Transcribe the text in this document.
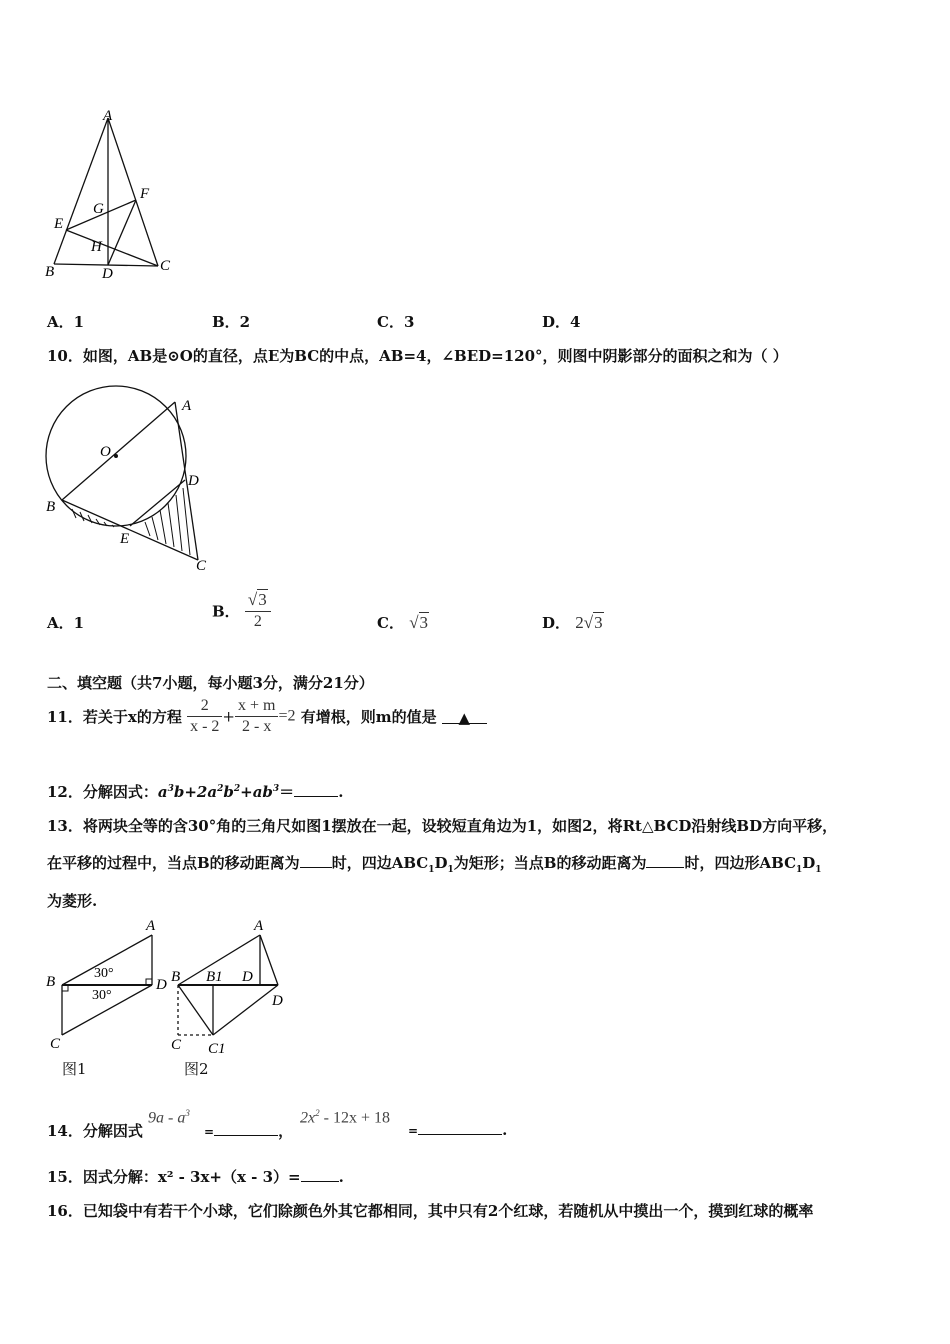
A
B	C
D
E
F
G
H
A．1	B．2	C．3	D．4
10．如图，AB是⊙O的直径，点E为BC的中点，AB=4，∠BED=120°，则图中阴影部分的面积之和为（ ）
A
O
D
B
E
C
A．1
B． $\frac{√3}{2}$	C． √3	D． 2√3
二、填空题（共7小题，每小题3分，满分21分）
11．若关于x的方程 $\frac{2}{x - 2} + \frac{x + m}{2 - x} =2$ 有增根，则m的值是 ▲
12．分解因式：$a^3b+2a^2b^2+ab^3=$	.
13．将两块全等的含30°角的三角尺如图1摆放在一起，设较短直角边为1，如图2，将Rt△BCD沿射线BD方向平移，
在平移的过程中，当点B的移动距离为 时，四边$ABC_1D_1$为矩形；当点B的移动距离为	时，四边形$ABC_1D_1$
为菱形.
A
B	D
C
30°
30°
图1
A
B B1 D
D
C C1
图2
14．分解因式
$9a - a^3$
=	，
$2x^2 - 12x + 18$
=	.
15．因式分解：x² - 3x+（x - 3）=	.
16．已知袋中有若干个小球，它们除颜色外其它都相同，其中只有2个红球，若随机从中摸出一个，摸到红球的概率
